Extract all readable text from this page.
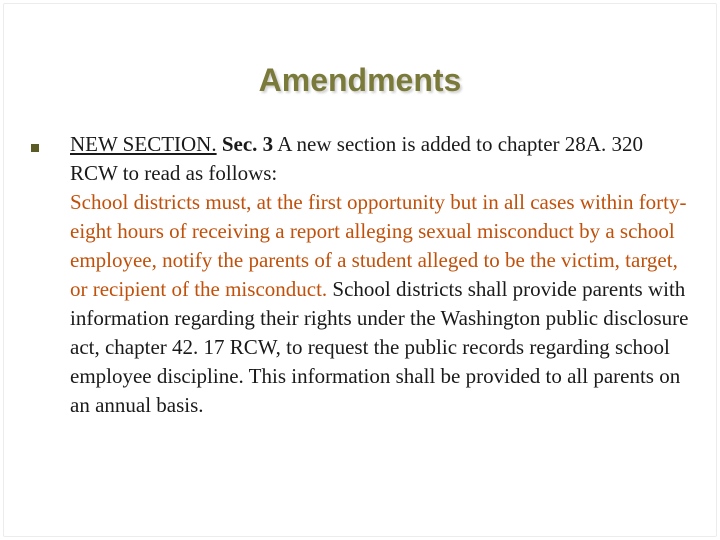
Amendments
NEW SECTION. Sec. 3 A new section is added to chapter 28A. 320 RCW to read as follows:
School districts must, at the first opportunity but in all cases within forty-eight hours of receiving a report alleging sexual misconduct by a school employee, notify the parents of a student alleged to be the victim, target, or recipient of the misconduct. School districts shall provide parents with information regarding their rights under the Washington public disclosure act, chapter 42. 17 RCW, to request the public records regarding school employee discipline. This information shall be provided to all parents on an annual basis.
